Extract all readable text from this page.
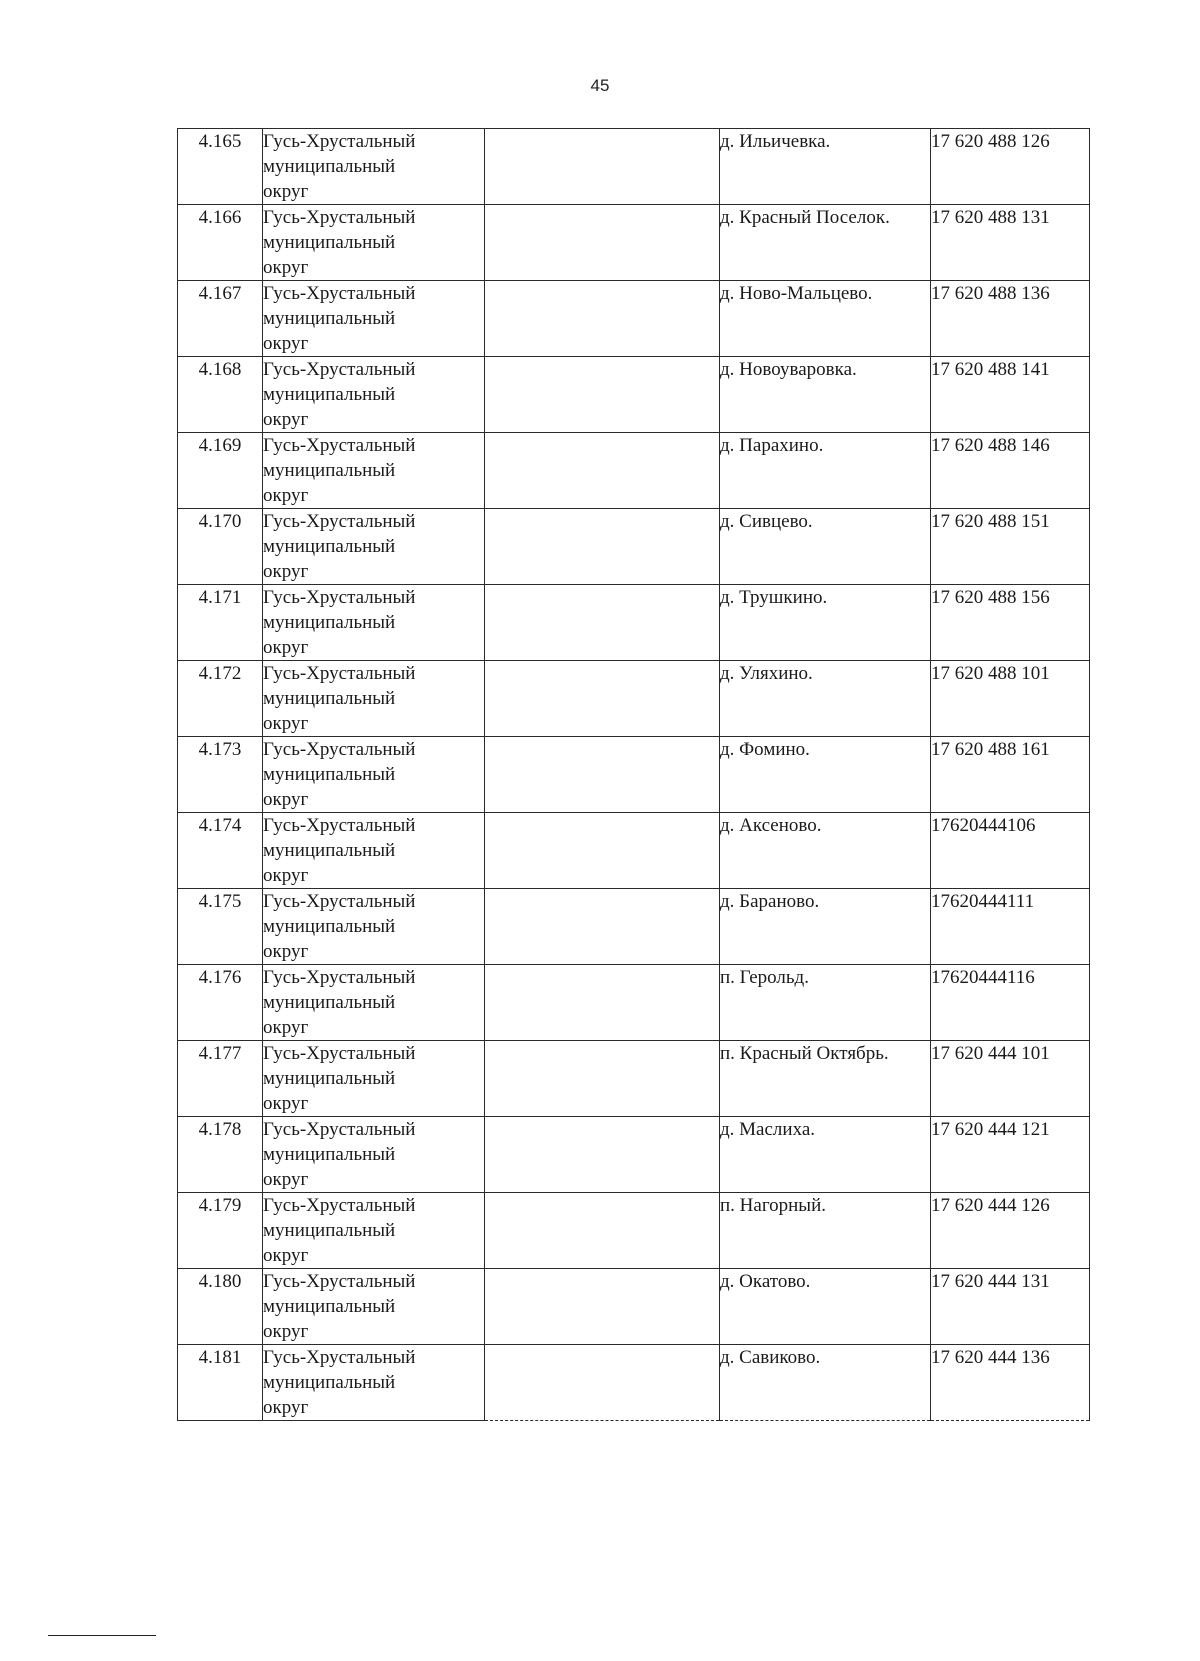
45
4.165	Гусь-Хрустальный
муниципальный
округ		д. Ильичевка.	17 620 488 126
4.166	Гусь-Хрустальный
муниципальный
округ		д. Красный Поселок.	17 620 488 131
4.167	Гусь-Хрустальный
муниципальный
округ		д. Ново-Мальцево.	17 620 488 136
4.168	Гусь-Хрустальный
муниципальный
округ		д. Новоуваровка.	17 620 488 141
4.169	Гусь-Хрустальный
муниципальный
округ		д. Парахино.	17 620 488 146
4.170	Гусь-Хрустальный
муниципальный
округ		д. Сивцево.	17 620 488 151
4.171	Гусь-Хрустальный
муниципальный
округ		д. Трушкино.	17 620 488 156
4.172	Гусь-Хрустальный
муниципальный
округ		д. Уляхино.	17 620 488 101
4.173	Гусь-Хрустальный
муниципальный
округ		д. Фомино.	17 620 488 161
4.174	Гусь-Хрустальный
муниципальный
округ		д. Аксеново.	17620444106
4.175	Гусь-Хрустальный
муниципальный
округ		д. Бараново.	17620444111
4.176	Гусь-Хрустальный
муниципальный
округ		п. Герольд.	17620444116
4.177	Гусь-Хрустальный
муниципальный
округ		п. Красный Октябрь.	17 620 444 101
4.178	Гусь-Хрустальный
муниципальный
округ		д. Маслиха.	17 620 444 121
4.179	Гусь-Хрустальный
муниципальный
округ		п. Нагорный.	17 620 444 126
4.180	Гусь-Хрустальный
муниципальный
округ		д. Окатово.	17 620 444 131
4.181	Гусь-Хрустальный
муниципальный
округ		д. Савиково.	17 620 444 136
